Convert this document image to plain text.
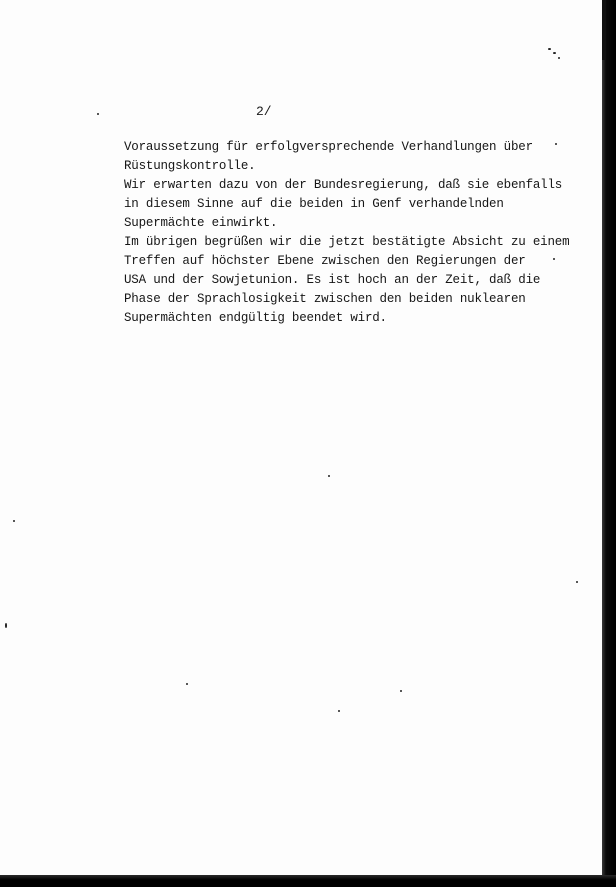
2/
Voraussetzung für erfolgversprechende Verhandlungen über
Rüstungskontrolle.
Wir erwarten dazu von der Bundesregierung, daß sie ebenfalls
in diesem Sinne auf die beiden in Genf verhandelnden
Supermächte einwirkt.
Im übrigen begrüßen wir die jetzt bestätigte Absicht zu einem
Treffen auf höchster Ebene zwischen den Regierungen der
USA und der Sowjetunion. Es ist hoch an der Zeit, daß die
Phase der Sprachlosigkeit zwischen den beiden nuklearen
Supermächten endgültig beendet wird.
